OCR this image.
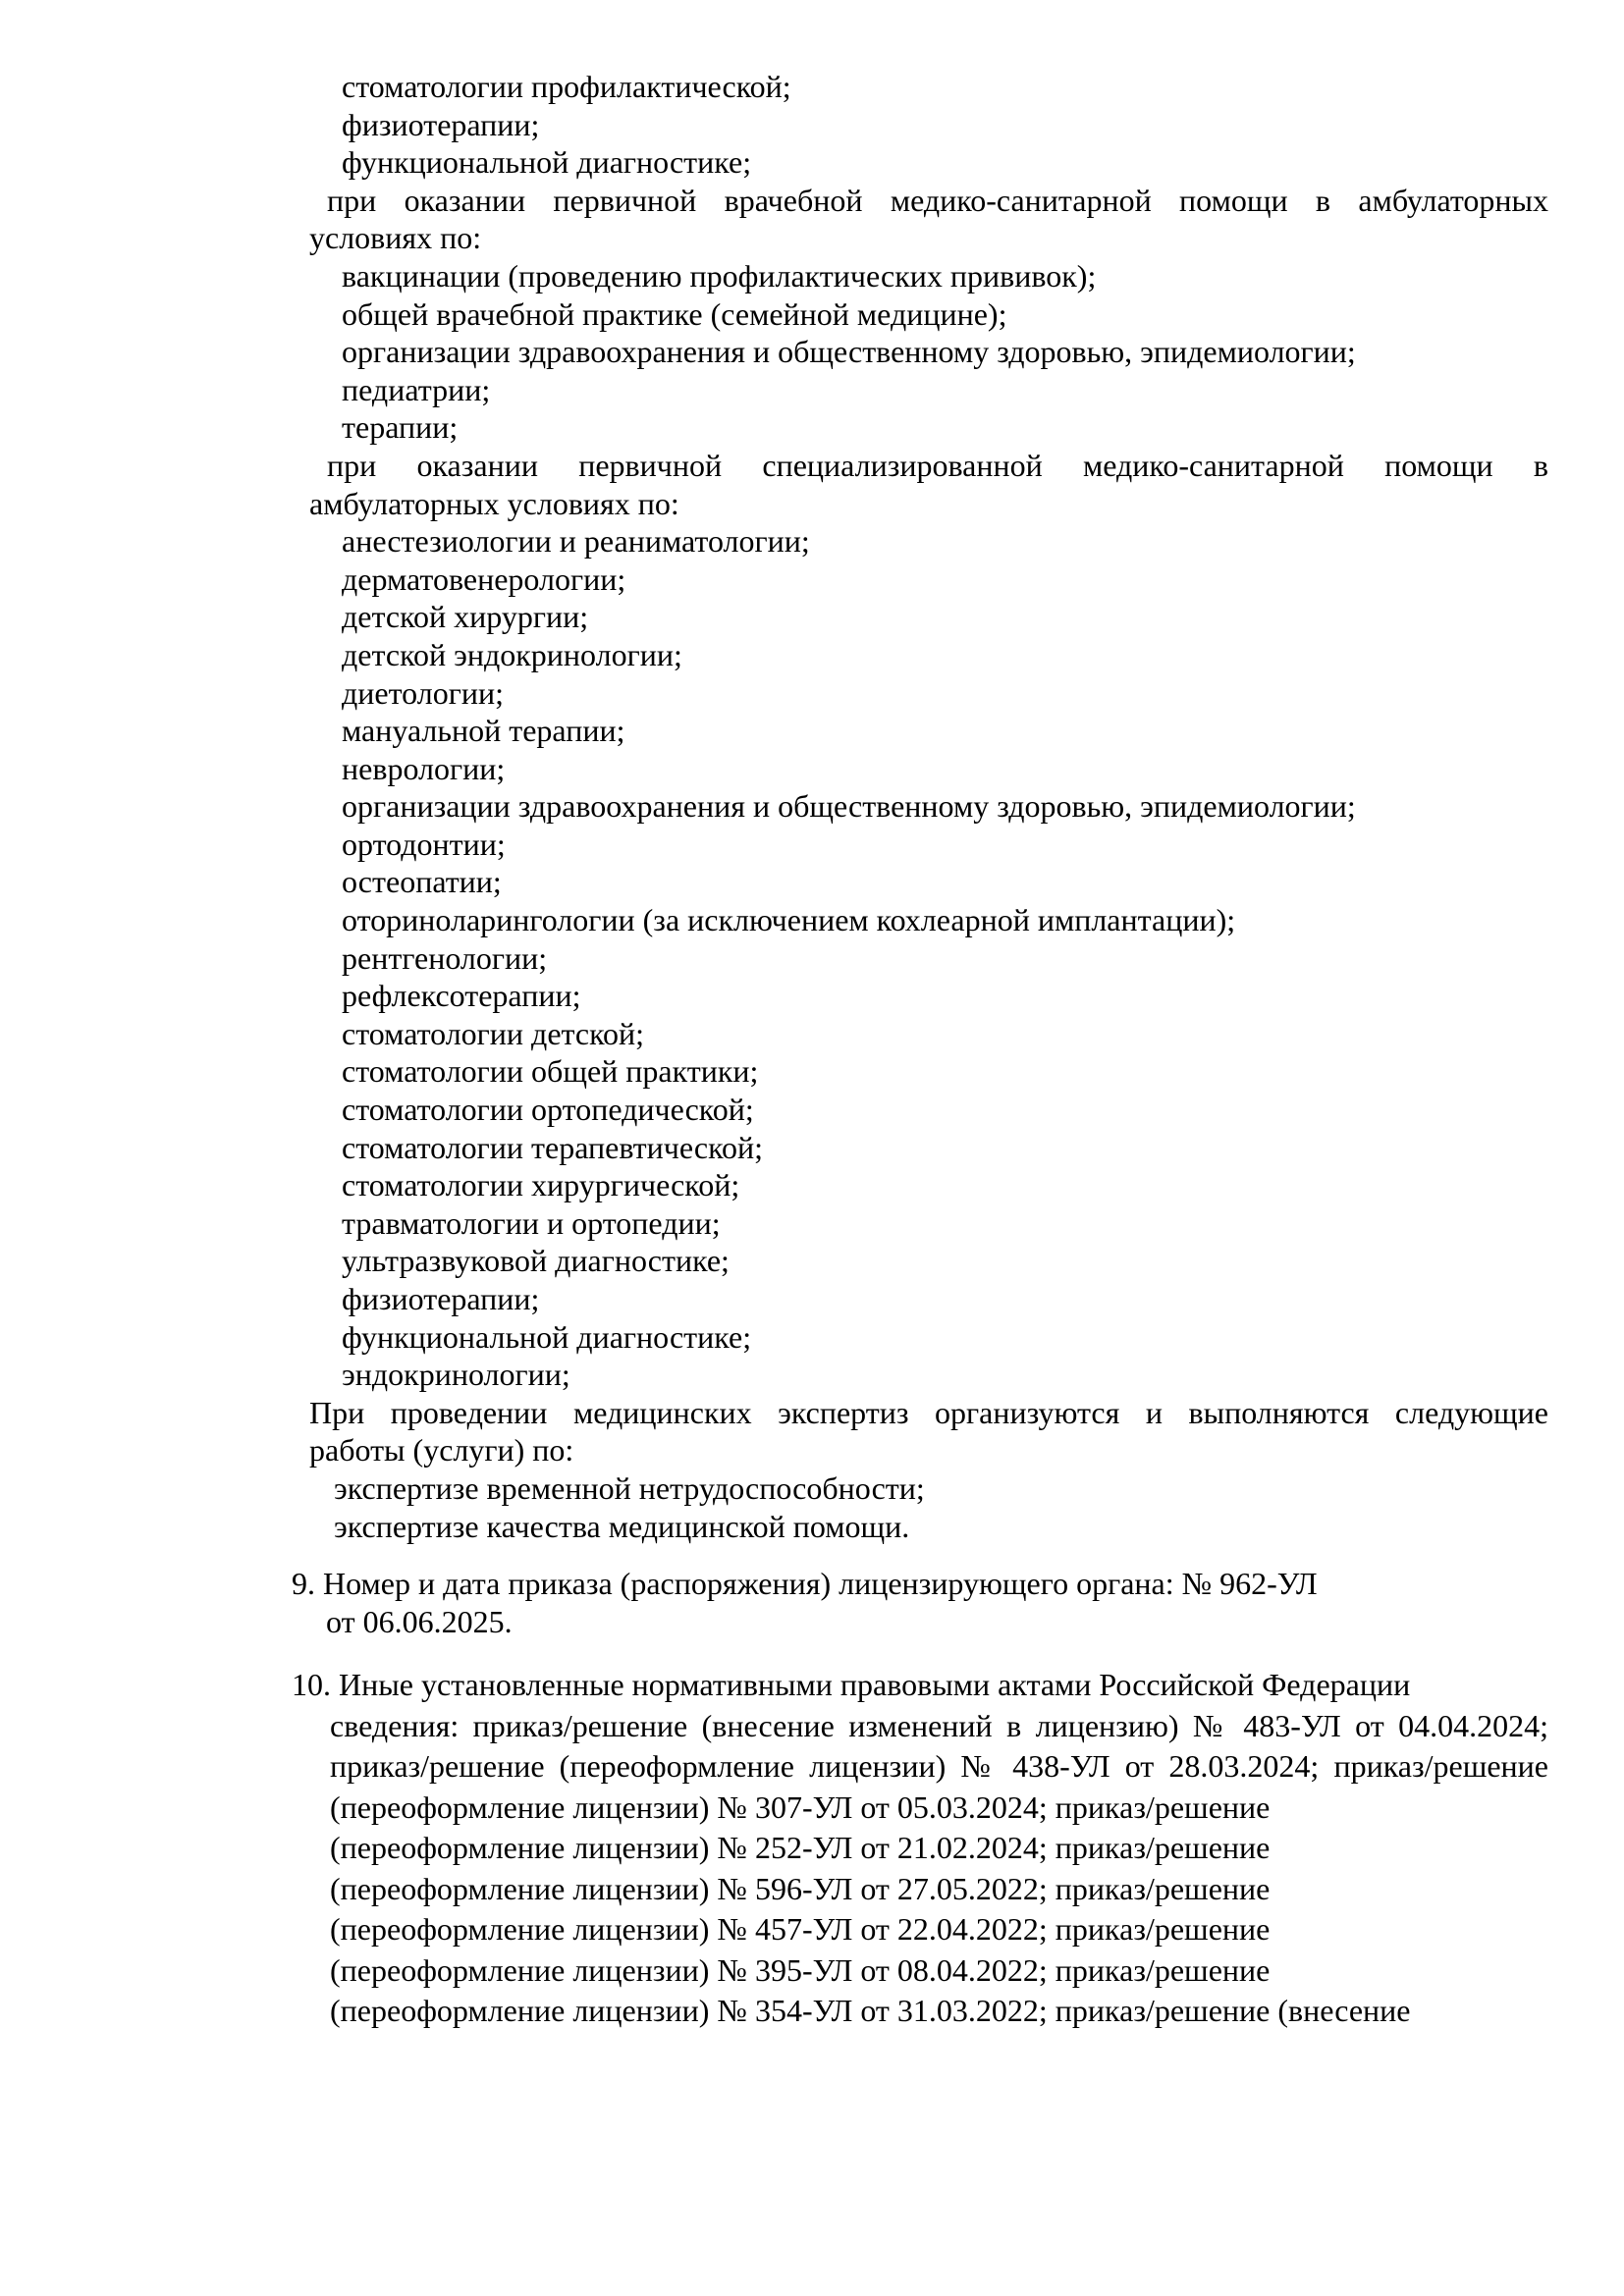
стоматологии профилактической;
физиотерапии;
функциональной диагностике;
при оказании первичной врачебной медико-санитарной помощи в амбулаторных
условиях по:
вакцинации (проведению профилактических прививок);
общей врачебной практике (семейной медицине);
организации здравоохранения и общественному здоровью, эпидемиологии;
педиатрии;
терапии;
при оказании первичной специализированной медико-санитарной помощи в
амбулаторных условиях по:
анестезиологии и реаниматологии;
дерматовенерологии;
детской хирургии;
детской эндокринологии;
диетологии;
мануальной терапии;
неврологии;
организации здравоохранения и общественному здоровью, эпидемиологии;
ортодонтии;
остеопатии;
оториноларингологии (за исключением кохлеарной имплантации);
рентгенологии;
рефлексотерапии;
стоматологии детской;
стоматологии общей практики;
стоматологии ортопедической;
стоматологии терапевтической;
стоматологии хирургической;
травматологии и ортопедии;
ультразвуковой диагностике;
физиотерапии;
функциональной диагностике;
эндокринологии;
При проведении медицинских экспертиз организуются и выполняются следующие
работы (услуги) по:
экспертизе временной нетрудоспособности;
экспертизе качества медицинской помощи.
9. Номер и дата приказа (распоряжения) лицензирующего органа: № 962-УЛ
от 06.06.2025.
10. Иные установленные нормативными правовыми актами Российской Федерации
сведения: приказ/решение (внесение изменений в лицензию) № 483-УЛ от 04.04.2024;
приказ/решение (переоформление лицензии) № 438-УЛ от 28.03.2024; приказ/решение
(переоформление лицензии) № 307-УЛ от 05.03.2024; приказ/решение
(переоформление лицензии) № 252-УЛ от 21.02.2024; приказ/решение
(переоформление лицензии) № 596-УЛ от 27.05.2022; приказ/решение
(переоформление лицензии) № 457-УЛ от 22.04.2022; приказ/решение
(переоформление лицензии) № 395-УЛ от 08.04.2022; приказ/решение
(переоформление лицензии) № 354-УЛ от 31.03.2022; приказ/решение (внесение
